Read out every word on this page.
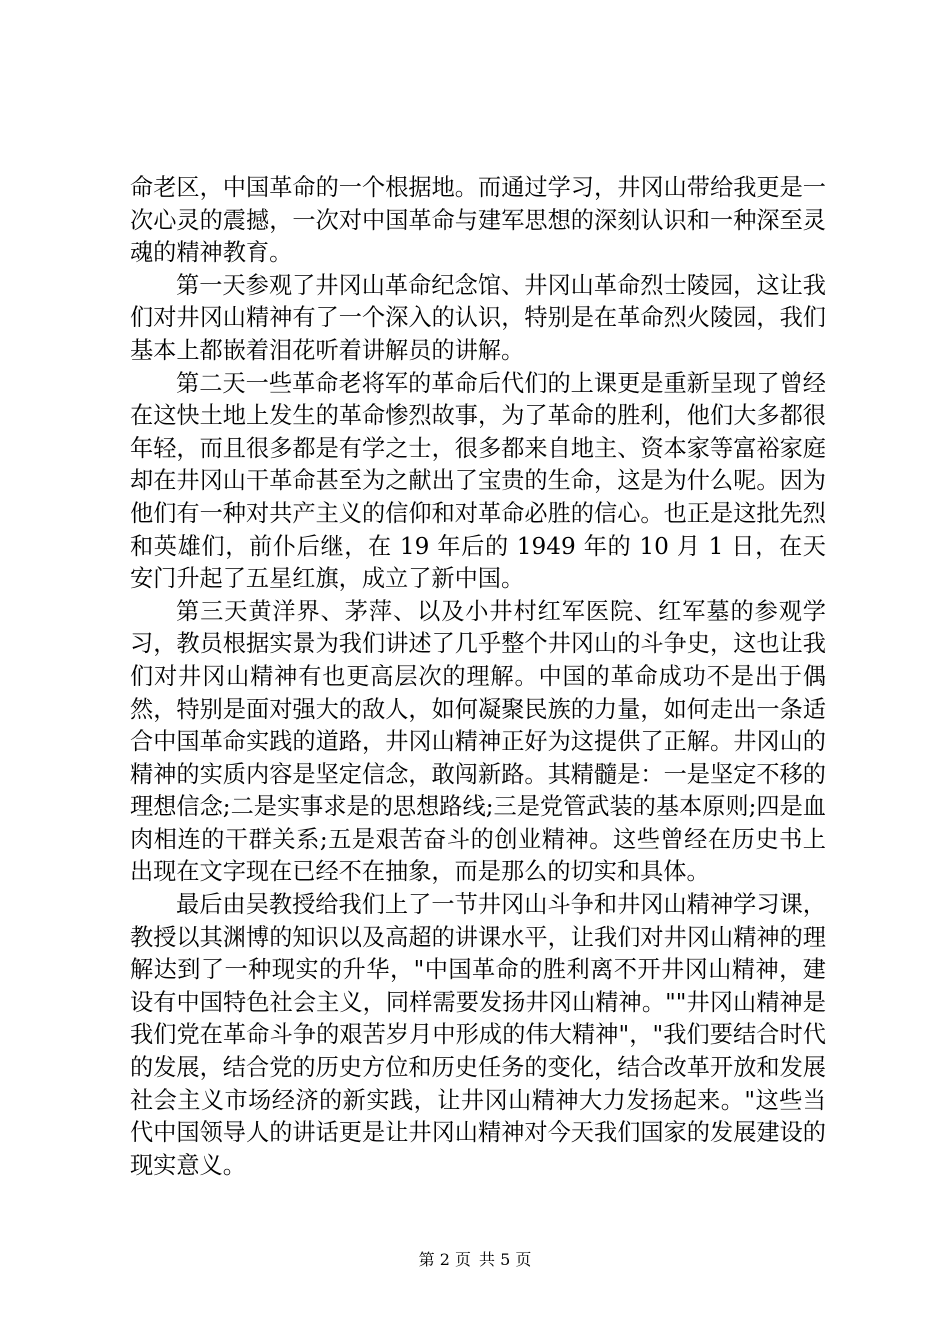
命老区，中国革命的一个根据地。而通过学习，井冈山带给我更是一次心灵的震撼，一次对中国革命与建军思想的深刻认识和一种深至灵魂的精神教育。

第一天参观了井冈山革命纪念馆、井冈山革命烈士陵园，这让我们对井冈山精神有了一个深入的认识，特别是在革命烈火陵园，我们基本上都嵌着泪花听着讲解员的讲解。

第二天一些革命老将军的革命后代们的上课更是重新呈现了曾经在这快土地上发生的革命惨烈故事，为了革命的胜利，他们大多都很年轻，而且很多都是有学之士，很多都来自地主、资本家等富裕家庭却在井冈山干革命甚至为之献出了宝贵的生命，这是为什么呢。因为他们有一种对共产主义的信仰和对革命必胜的信心。也正是这批先烈和英雄们，前仆后继，在 19 年后的 1949 年的 10 月 1 日，在天安门升起了五星红旗，成立了新中国。

第三天黄洋界、茅萍、以及小井村红军医院、红军墓的参观学习，教员根据实景为我们讲述了几乎整个井冈山的斗争史，这也让我们对井冈山精神有也更高层次的理解。中国的革命成功不是出于偶然，特别是面对强大的敌人，如何凝聚民族的力量，如何走出一条适合中国革命实践的道路，井冈山精神正好为这提供了正解。井冈山的精神的实质内容是坚定信念，敢闯新路。其精髓是：一是坚定不移的理想信念;二是实事求是的思想路线;三是党管武装的基本原则;四是血肉相连的干群关系;五是艰苦奋斗的创业精神。这些曾经在历史书上出现在文字现在已经不在抽象，而是那么的切实和具体。

最后由吴教授给我们上了一节井冈山斗争和井冈山精神学习课，教授以其渊博的知识以及高超的讲课水平，让我们对井冈山精神的理解达到了一种现实的升华，"中国革命的胜利离不开井冈山精神，建设有中国特色社会主义，同样需要发扬井冈山精神。""井冈山精神是我们党在革命斗争的艰苦岁月中形成的伟大精神"，"我们要结合时代的发展，结合党的历史方位和历史任务的变化，结合改革开放和发展社会主义市场经济的新实践，让井冈山精神大力发扬起来。"这些当代中国领导人的讲话更是让井冈山精神对今天我们国家的发展建设的现实意义。

第 2 页 共 5 页
